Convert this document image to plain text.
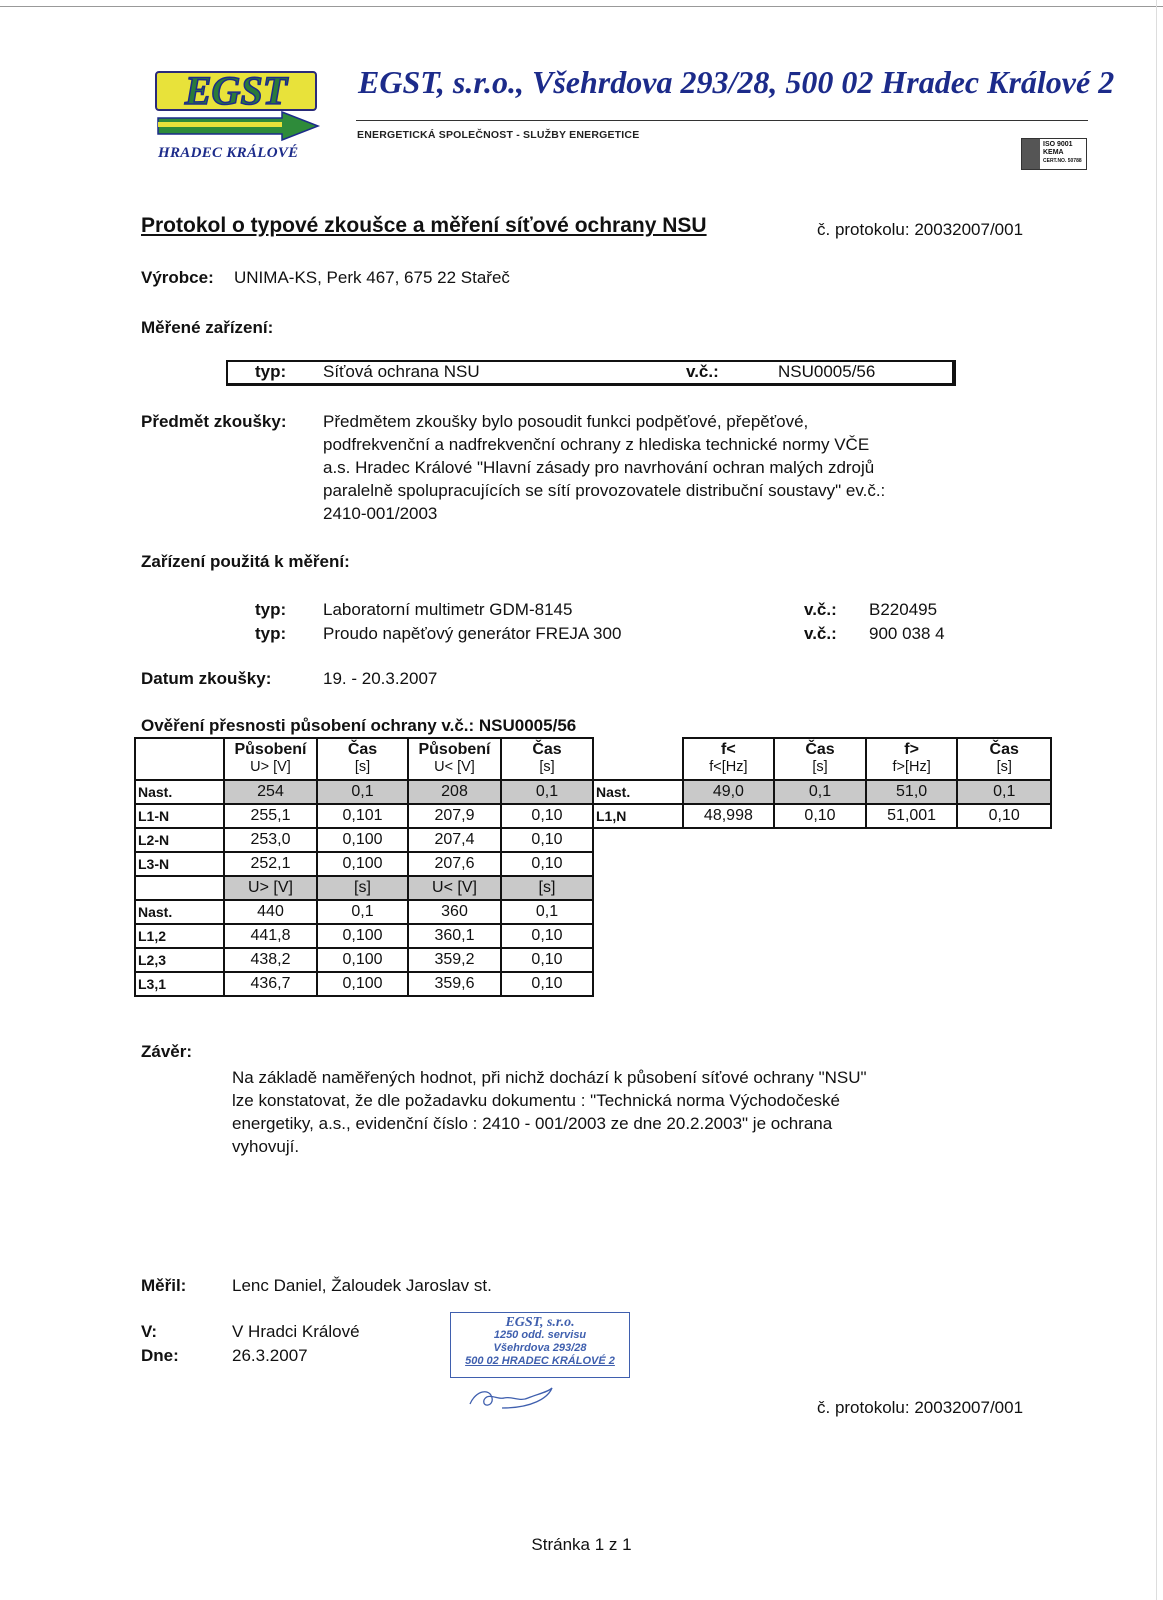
EGST
HRADEC KRÁLOVÉ
EGST, s.r.o., Všehrdova 293/28, 500 02 Hradec Králové 2
ENERGETICKÁ SPOLEČNOST - SLUŽBY ENERGETICE
ISO 9001
KEMA
CERT.NO. 50788
Protokol o typové zkoušce a měření síťové ochrany NSU	č. protokolu: 20032007/001
Výrobce: UNIMA-KS, Perk 467, 675 22 Stařeč
Měřené zařízení:
typ: Síťová ochrana NSU	v.č.:	NSU0005/56
Předmět zkoušky: Předmětem zkoušky bylo posoudit funkci podpěťové, přepěťové,
podfrekvenční a nadfrekvenční ochrany z hlediska technické normy VČE
a.s. Hradec Králové "Hlavní zásady pro navrhování ochran malých zdrojů
paralelně spolupracujících se sítí provozovatele distribuční soustavy" ev.č.:
2410-001/2003
Zařízení použitá k měření:
typ: Laboratorní multimetr GDM-8145	v.č.: B220495
typ: Proudo napěťový generátor FREJA 300	v.č.: 900 038 4
Datum zkoušky:	19. - 20.3.2007
Ověření přesnosti působení ochrany v.č.: NSU0005/56
	Působení	Čas	Působení	Čas
	U> [V]	[s]	U< [V]	[s]
Nast.	254	0,1	208	0,1
L1-N	255,1	0,101	207,9	0,10
L2-N	253,0	0,100	207,4	0,10
L3-N	252,1	0,100	207,6	0,10
	U> [V]	[s]	U< [V]	[s]
Nast.	440	0,1	360	0,1
L1,2	441,8	0,100	360,1	0,10
L2,3	438,2	0,100	359,2	0,10
L3,1	436,7	0,100	359,6	0,10
	f<	Čas	f>	Čas
	f<[Hz]	[s]	f>[Hz]	[s]
Nast.	49,0	0,1	51,0	0,1
L1,N	48,998	0,10	51,001	0,10
Závěr:
Na základě naměřených hodnot, při nichž dochází k působení síťové ochrany "NSU"
lze konstatovat, že dle požadavku dokumentu : "Technická norma Východočeské
energetiky, a.s., evidenční číslo : 2410 - 001/2003 ze dne 20.2.2003" je ochrana
vyhovují.
Měřil:	Lenc Daniel, Žaloudek Jaroslav st.
V:	V Hradci Králové
Dne:	26.3.2007
EGST, s.r.o.
1250 odd. servisu
Všehrdova 293/28
500 02 HRADEC KRÁLOVÉ 2
č. protokolu: 20032007/001
Stránka 1 z 1
